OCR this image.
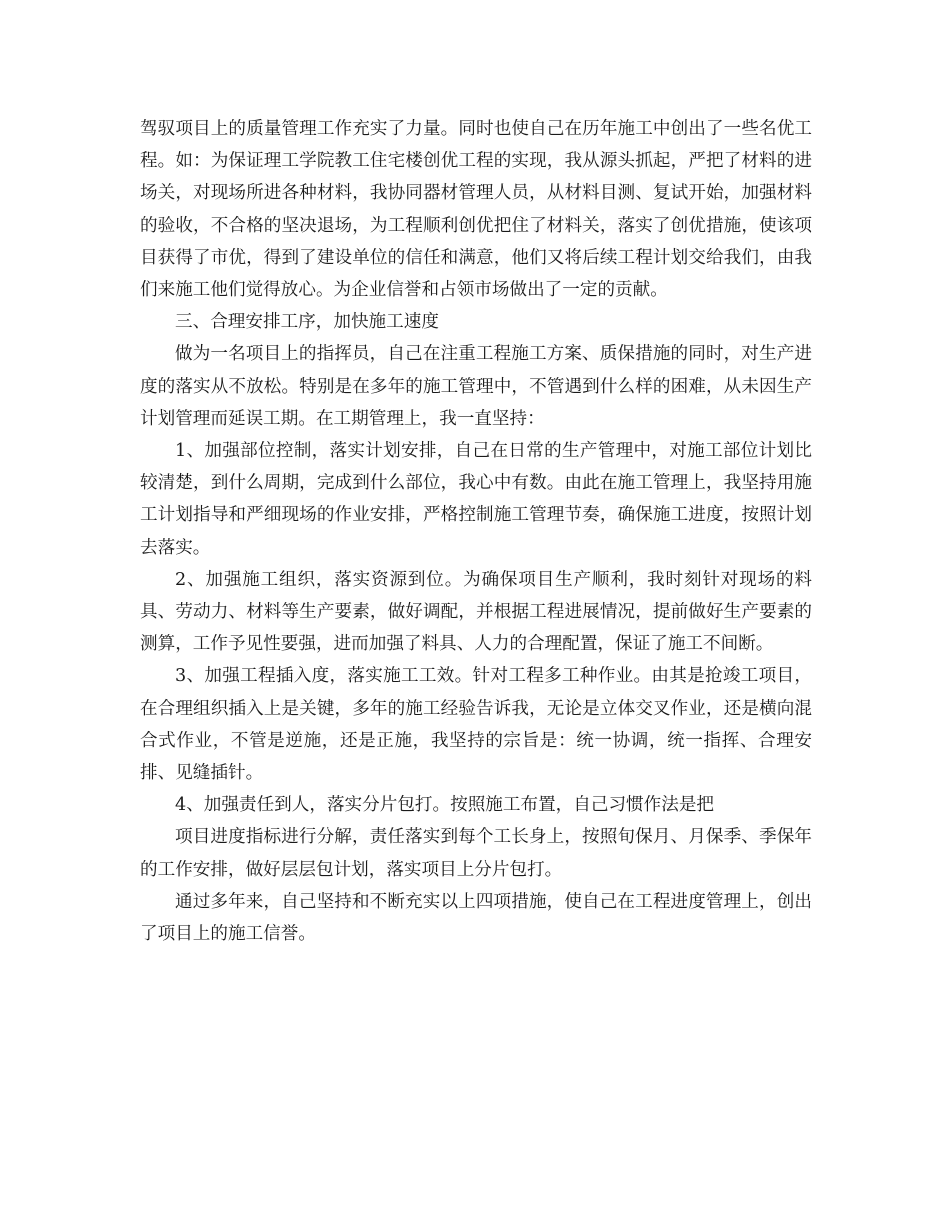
驾驭项目上的质量管理工作充实了力量。同时也使自己在历年施工中创出了一些名优工程。如：为保证理工学院教工住宅楼创优工程的实现，我从源头抓起，严把了材料的进场关，对现场所进各种材料，我协同器材管理人员，从材料目测、复试开始，加强材料的验收，不合格的坚决退场，为工程顺利创优把住了材料关，落实了创优措施，使该项目获得了市优，得到了建设单位的信任和满意，他们又将后续工程计划交给我们，由我们来施工他们觉得放心。为企业信誉和占领市场做出了一定的贡献。

三、合理安排工序，加快施工速度

做为一名项目上的指挥员，自己在注重工程施工方案、质保措施的同时，对生产进度的落实从不放松。特别是在多年的施工管理中，不管遇到什么样的困难，从未因生产计划管理而延误工期。在工期管理上，我一直坚持：

1、加强部位控制，落实计划安排，自己在日常的生产管理中，对施工部位计划比较清楚，到什么周期，完成到什么部位，我心中有数。由此在施工管理上，我坚持用施工计划指导和严细现场的作业安排，严格控制施工管理节奏，确保施工进度，按照计划去落实。

2、加强施工组织，落实资源到位。为确保项目生产顺利，我时刻针对现场的料具、劳动力、材料等生产要素，做好调配，并根据工程进展情况，提前做好生产要素的测算，工作予见性要强，进而加强了料具、人力的合理配置，保证了施工不间断。

3、加强工程插入度，落实施工工效。针对工程多工种作业。由其是抢竣工项目，在合理组织插入上是关键，多年的施工经验告诉我，无论是立体交叉作业，还是横向混合式作业，不管是逆施，还是正施，我坚持的宗旨是：统一协调，统一指挥、合理安排、见缝插针。

4、加强责任到人，落实分片包打。按照施工布置，自己习惯作法是把

项目进度指标进行分解，责任落实到每个工长身上，按照旬保月、月保季、季保年的工作安排，做好层层包计划，落实项目上分片包打。

通过多年来，自己坚持和不断充实以上四项措施，使自己在工程进度管理上，创出了项目上的施工信誉。
